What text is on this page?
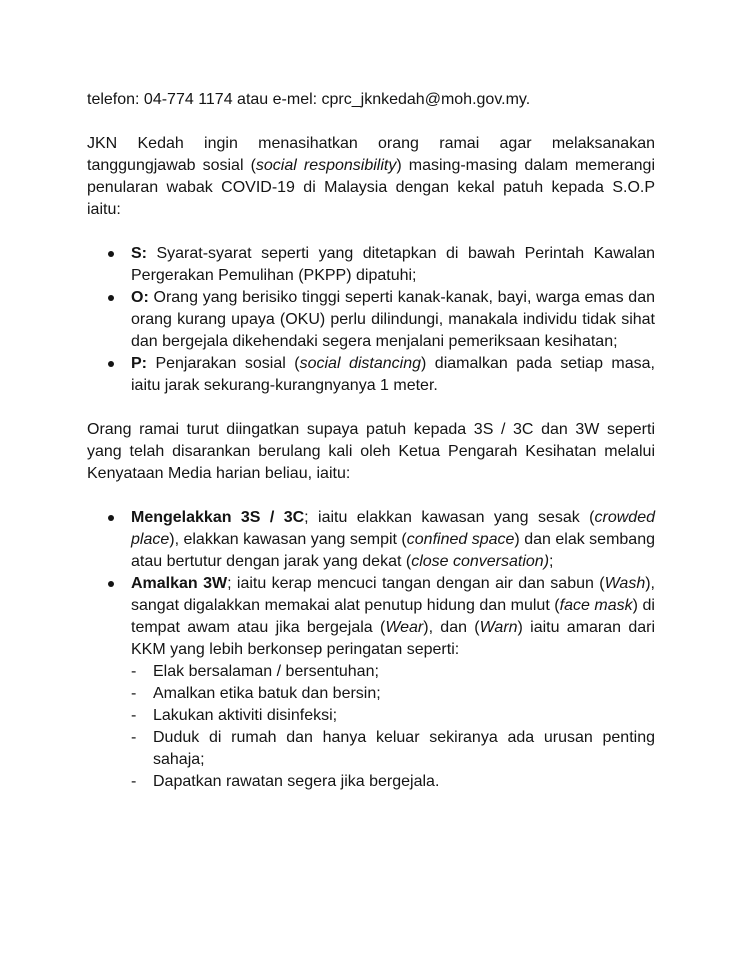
telefon: 04-774 1174 atau e-mel: cprc_jknkedah@moh.gov.my.

JKN Kedah ingin menasihatkan orang ramai agar melaksanakan tanggungjawab sosial (social responsibility) masing-masing dalam memerangi penularan wabak COVID-19 di Malaysia dengan kekal patuh kepada S.O.P iaitu:

S: Syarat-syarat seperti yang ditetapkan di bawah Perintah Kawalan Pergerakan Pemulihan (PKPP) dipatuhi;
O: Orang yang berisiko tinggi seperti kanak-kanak, bayi, warga emas dan orang kurang upaya (OKU) perlu dilindungi, manakala individu tidak sihat dan bergejala dikehendaki segera menjalani pemeriksaan kesihatan;
P: Penjarakan sosial (social distancing) diamalkan pada setiap masa, iaitu jarak sekurang-kurangnyanya 1 meter.

Orang ramai turut diingatkan supaya patuh kepada 3S / 3C dan 3W seperti yang telah disarankan berulang kali oleh Ketua Pengarah Kesihatan melalui Kenyataan Media harian beliau, iaitu:

Mengelakkan 3S / 3C; iaitu elakkan kawasan yang sesak (crowded place), elakkan kawasan yang sempit (confined space) dan elak sembang atau bertutur dengan jarak yang dekat (close conversation);
Amalkan 3W; iaitu kerap mencuci tangan dengan air dan sabun (Wash), sangat digalakkan memakai alat penutup hidung dan mulut (face mask) di tempat awam atau jika bergejala (Wear), dan (Warn) iaitu amaran dari KKM yang lebih berkonsep peringatan seperti:
- Elak bersalaman / bersentuhan;
- Amalkan etika batuk dan bersin;
- Lakukan aktiviti disinfeksi;
- Duduk di rumah dan hanya keluar sekiranya ada urusan penting sahaja;
- Dapatkan rawatan segera jika bergejala.
